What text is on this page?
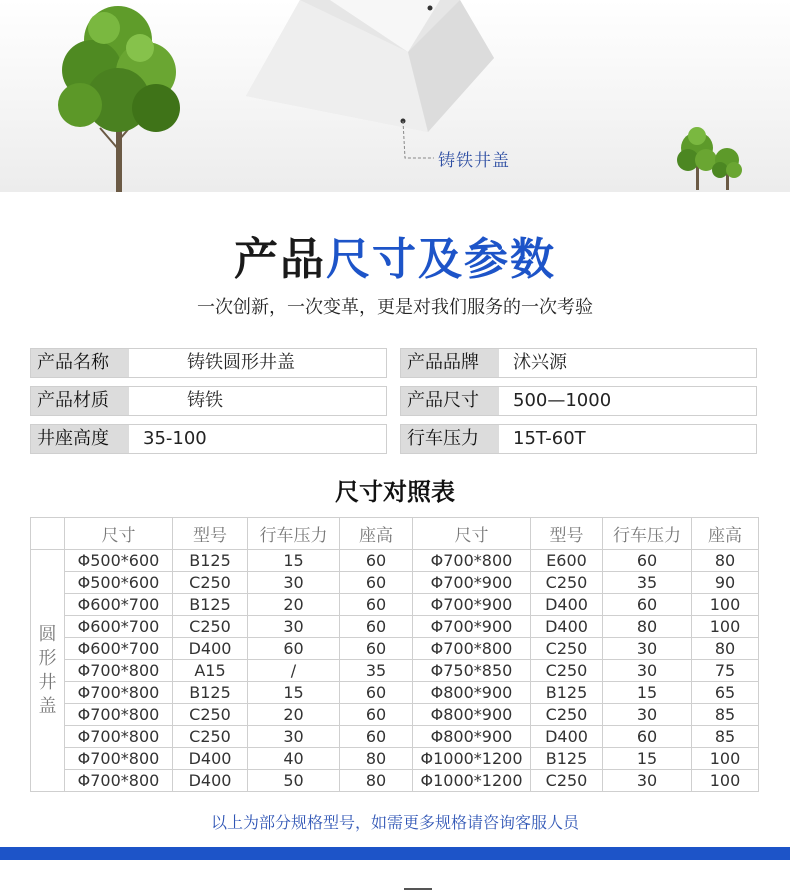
铸铁井盖
产品尺寸及参数
一次创新，一次变革，更是对我们服务的一次考验
产品名称	铸铁圆形井盖	产品品牌	沭兴源
产品材质	铸铁	产品尺寸	500—1000
井座高度	35-100	行车压力	15T-60T
尺寸对照表
	尺寸	型号	行车压力	座高	尺寸	型号	行车压力	座高
圆形井盖	Φ500*600	B125	15	60	Φ700*800	E600	60	80
	Φ500*600	C250	30	60	Φ700*900	C250	35	90
	Φ600*700	B125	20	60	Φ700*900	D400	60	100
	Φ600*700	C250	30	60	Φ700*900	D400	80	100
	Φ600*700	D400	60	60	Φ700*800	C250	30	80
	Φ700*800	A15	/	35	Φ750*850	C250	30	75
	Φ700*800	B125	15	60	Φ800*900	B125	15	65
	Φ700*800	C250	20	60	Φ800*900	C250	30	85
	Φ700*800	C250	30	60	Φ800*900	D400	60	85
	Φ700*800	D400	40	80	Φ1000*1200	B125	15	100
	Φ700*800	D400	50	80	Φ1000*1200	C250	30	100
以上为部分规格型号，如需更多规格请咨询客服人员
